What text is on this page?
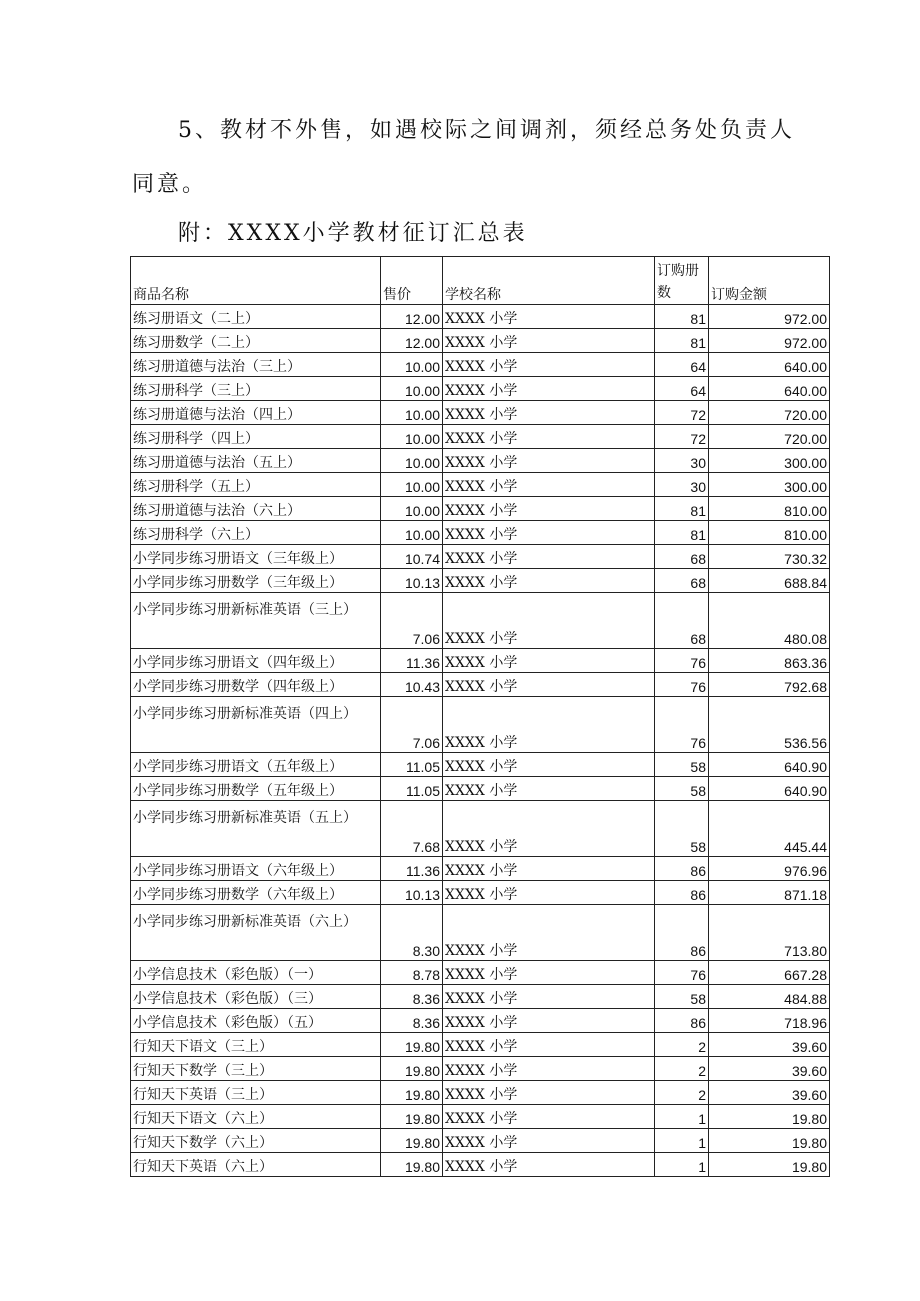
5、教材不外售，如遇校际之间调剂，须经总务处负责人
同意。
附：XXXX小学教材征订汇总表
商品名称	售价	学校名称	订购册数	订购金额
练习册语文（二上）	12.00	XXXX 小学	81	972.00
练习册数学（二上）	12.00	XXXX 小学	81	972.00
练习册道德与法治（三上）	10.00	XXXX 小学	64	640.00
练习册科学（三上）	10.00	XXXX 小学	64	640.00
练习册道德与法治（四上）	10.00	XXXX 小学	72	720.00
练习册科学（四上）	10.00	XXXX 小学	72	720.00
练习册道德与法治（五上）	10.00	XXXX 小学	30	300.00
练习册科学（五上）	10.00	XXXX 小学	30	300.00
练习册道德与法治（六上）	10.00	XXXX 小学	81	810.00
练习册科学（六上）	10.00	XXXX 小学	81	810.00
小学同步练习册语文（三年级上）	10.74	XXXX 小学	68	730.32
小学同步练习册数学（三年级上）	10.13	XXXX 小学	68	688.84
小学同步练习册新标准英语（三上）	7.06	XXXX 小学	68	480.08
小学同步练习册语文（四年级上）	11.36	XXXX 小学	76	863.36
小学同步练习册数学（四年级上）	10.43	XXXX 小学	76	792.68
小学同步练习册新标准英语（四上）	7.06	XXXX 小学	76	536.56
小学同步练习册语文（五年级上）	11.05	XXXX 小学	58	640.90
小学同步练习册数学（五年级上）	11.05	XXXX 小学	58	640.90
小学同步练习册新标准英语（五上）	7.68	XXXX 小学	58	445.44
小学同步练习册语文（六年级上）	11.36	XXXX 小学	86	976.96
小学同步练习册数学（六年级上）	10.13	XXXX 小学	86	871.18
小学同步练习册新标准英语（六上）	8.30	XXXX 小学	86	713.80
小学信息技术（彩色版）（一）	8.78	XXXX 小学	76	667.28
小学信息技术（彩色版）（三）	8.36	XXXX 小学	58	484.88
小学信息技术（彩色版）（五）	8.36	XXXX 小学	86	718.96
行知天下语文（三上）	19.80	XXXX 小学	2	39.60
行知天下数学（三上）	19.80	XXXX 小学	2	39.60
行知天下英语（三上）	19.80	XXXX 小学	2	39.60
行知天下语文（六上）	19.80	XXXX 小学	1	19.80
行知天下数学（六上）	19.80	XXXX 小学	1	19.80
行知天下英语（六上）	19.80	XXXX 小学	1	19.80
